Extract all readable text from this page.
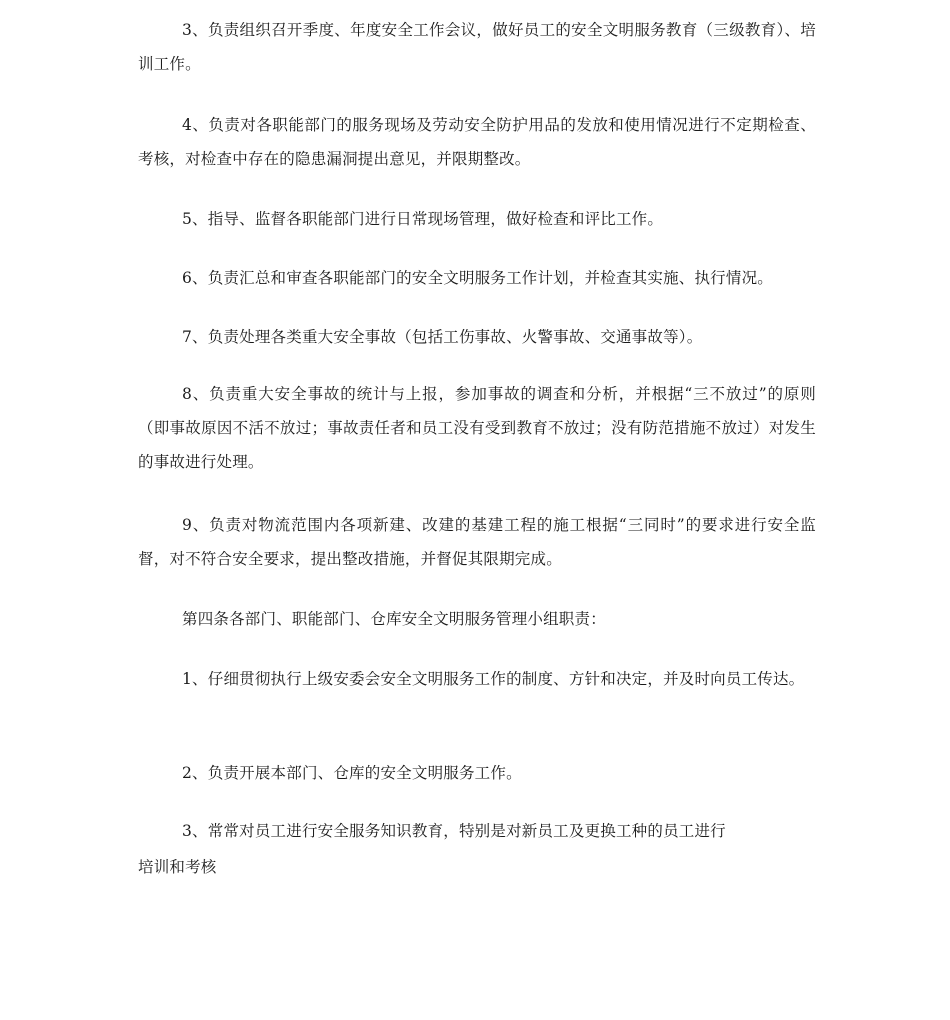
3、负责组织召开季度、年度安全工作会议，做好员工的安全文明服务教育（三级教育）、培训工作。

4、负责对各职能部门的服务现场及劳动安全防护用品的发放和使用情况进行不定期检查、考核，对检查中存在的隐患漏洞提出意见，并限期整改。

5、指导、监督各职能部门进行日常现场管理，做好检查和评比工作。

6、负责汇总和审查各职能部门的安全文明服务工作计划，并检查其实施、执行情况。

7、负责处理各类重大安全事故（包括工伤事故、火警事故、交通事故等）。

8、负责重大安全事故的统计与上报，参加事故的调查和分析，并根据“三不放过”的原则（即事故原因不活不放过；事故责任者和员工没有受到教育不放过；没有防范措施不放过）对发生的事故进行处理。

9、负责对物流范围内各项新建、改建的基建工程的施工根据“三同时”的要求进行安全监督，对不符合安全要求，提出整改措施，并督促其限期完成。

第四条各部门、职能部门、仓库安全文明服务管理小组职责：

1、仔细贯彻执行上级安委会安全文明服务工作的制度、方针和决定，并及时向员工传达。

2、负责开展本部门、仓库的安全文明服务工作。

3、常常对员工进行安全服务知识教育，特别是对新员工及更换工种的员工进行

培训和考核
